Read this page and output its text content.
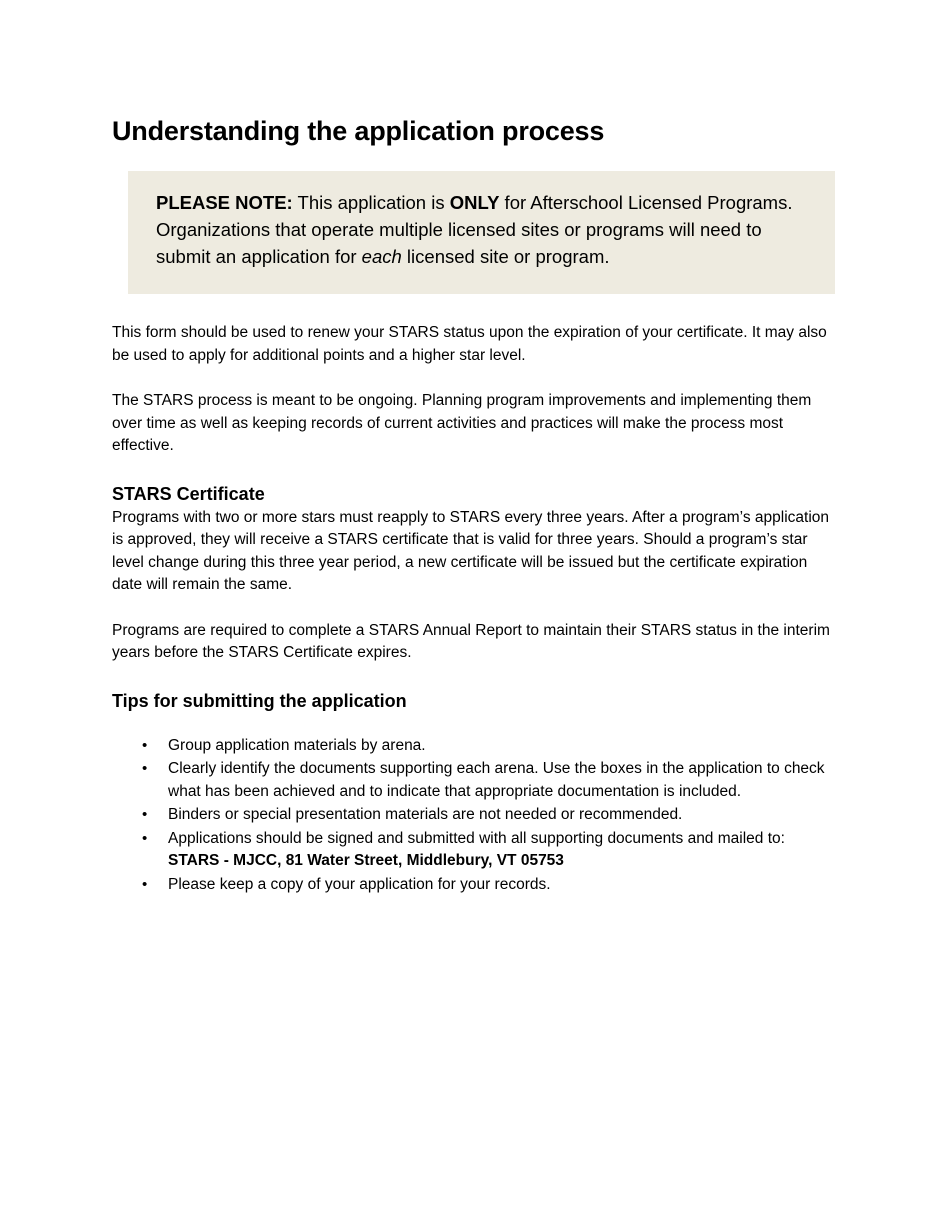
Understanding the application process
PLEASE NOTE: This application is ONLY for Afterschool Licensed Programs. Organizations that operate multiple licensed sites or programs will need to submit an application for each licensed site or program.

This form should be used to renew your STARS status upon the expiration of your certificate. It may also be used to apply for additional points and a higher star level.

The STARS process is meant to be ongoing. Planning program improvements and implementing them over time as well as keeping records of current activities and practices will make the process most effective.

STARS Certificate

Programs with two or more stars must reapply to STARS every three years. After a program’s application is approved, they will receive a STARS certificate that is valid for three years. Should a program’s star level change during this three year period, a new certificate will be issued but the certificate expiration date will remain the same.

Programs are required to complete a STARS Annual Report to maintain their STARS status in the interim years before the STARS Certificate expires.

Tips for submitting the application
• Group application materials by arena.
• Clearly identify the documents supporting each arena. Use the boxes in the application to check what has been achieved and to indicate that appropriate documentation is included.
• Binders or special presentation materials are not needed or recommended.
• Applications should be signed and submitted with all supporting documents and mailed to: STARS - MJCC, 81 Water Street, Middlebury, VT 05753
• Please keep a copy of your application for your records.
